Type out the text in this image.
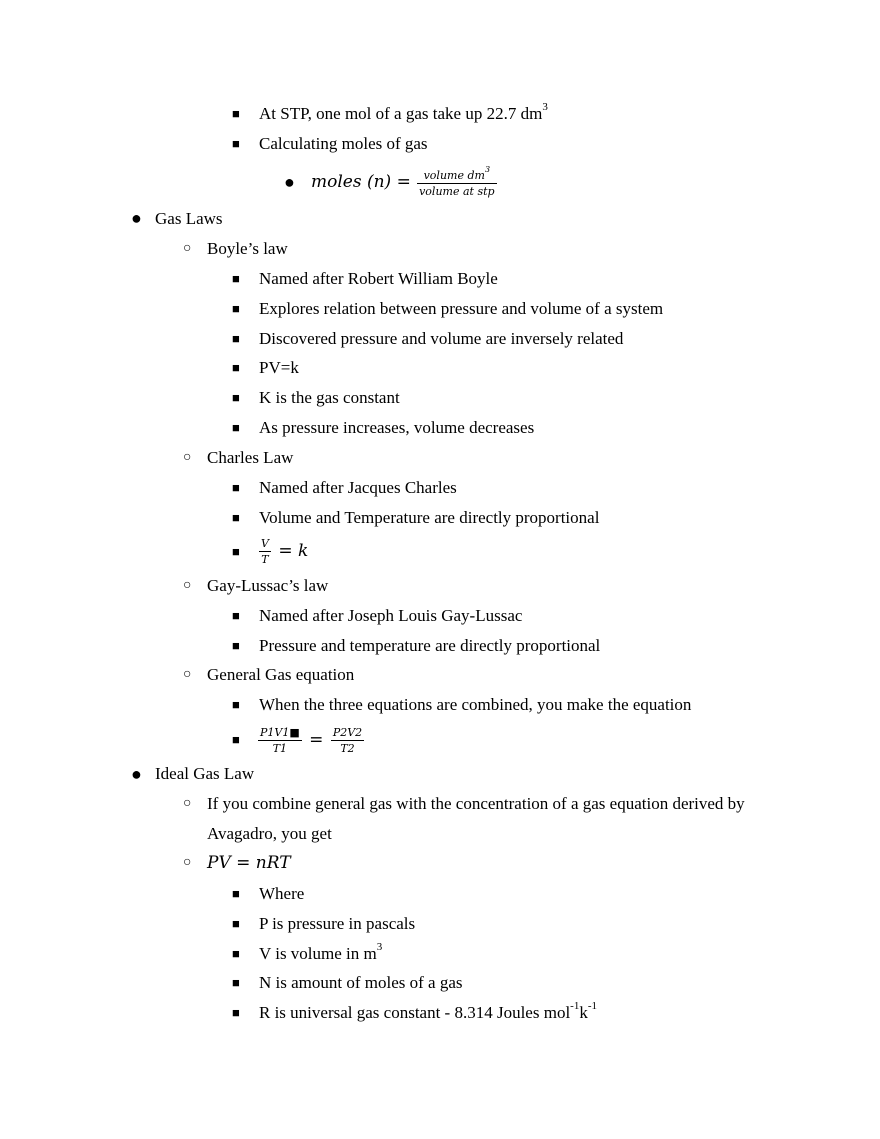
■ At STP, one mol of a gas take up 22.7 $dm^3$
■ Calculating moles of gas
● moles $(n) = \frac{volume dm^3}{\text{volume at stp}}$
● Gas Laws
○ Boyle’s law
■ Named after Robert William Boyle
■ Explores relation between pressure and volume of a system
■ Discovered pressure and volume are inversely related
■ PV=k
■ K is the gas constant
■ As pressure increases, volume decreases
○ Charles Law
■ Named after Jacques Charles
■ Volume and Temperature are directly proportional
■ $\frac{V}{T} = k$
○ Gay-Lussac’s law
■ Named after Joseph Louis Gay-Lussac
■ Pressure and temperature are directly proportional
○ General Gas equation
■ When the three equations are combined, you make the equation
■ $\frac{P1V1■}{T1} = \frac{P2V2}{T2}$
● Ideal Gas Law
○ If you combine general gas with the concentration of a gas equation derived by
Avagadro, you get
○ PV = nRT
■ Where
■ P is pressure in pascals
■ V is volume in $m^3$
■ N is amount of moles of a gas
■ R is universal gas constant - 8.314 Joules $mol^{-1}k^{-1}$
